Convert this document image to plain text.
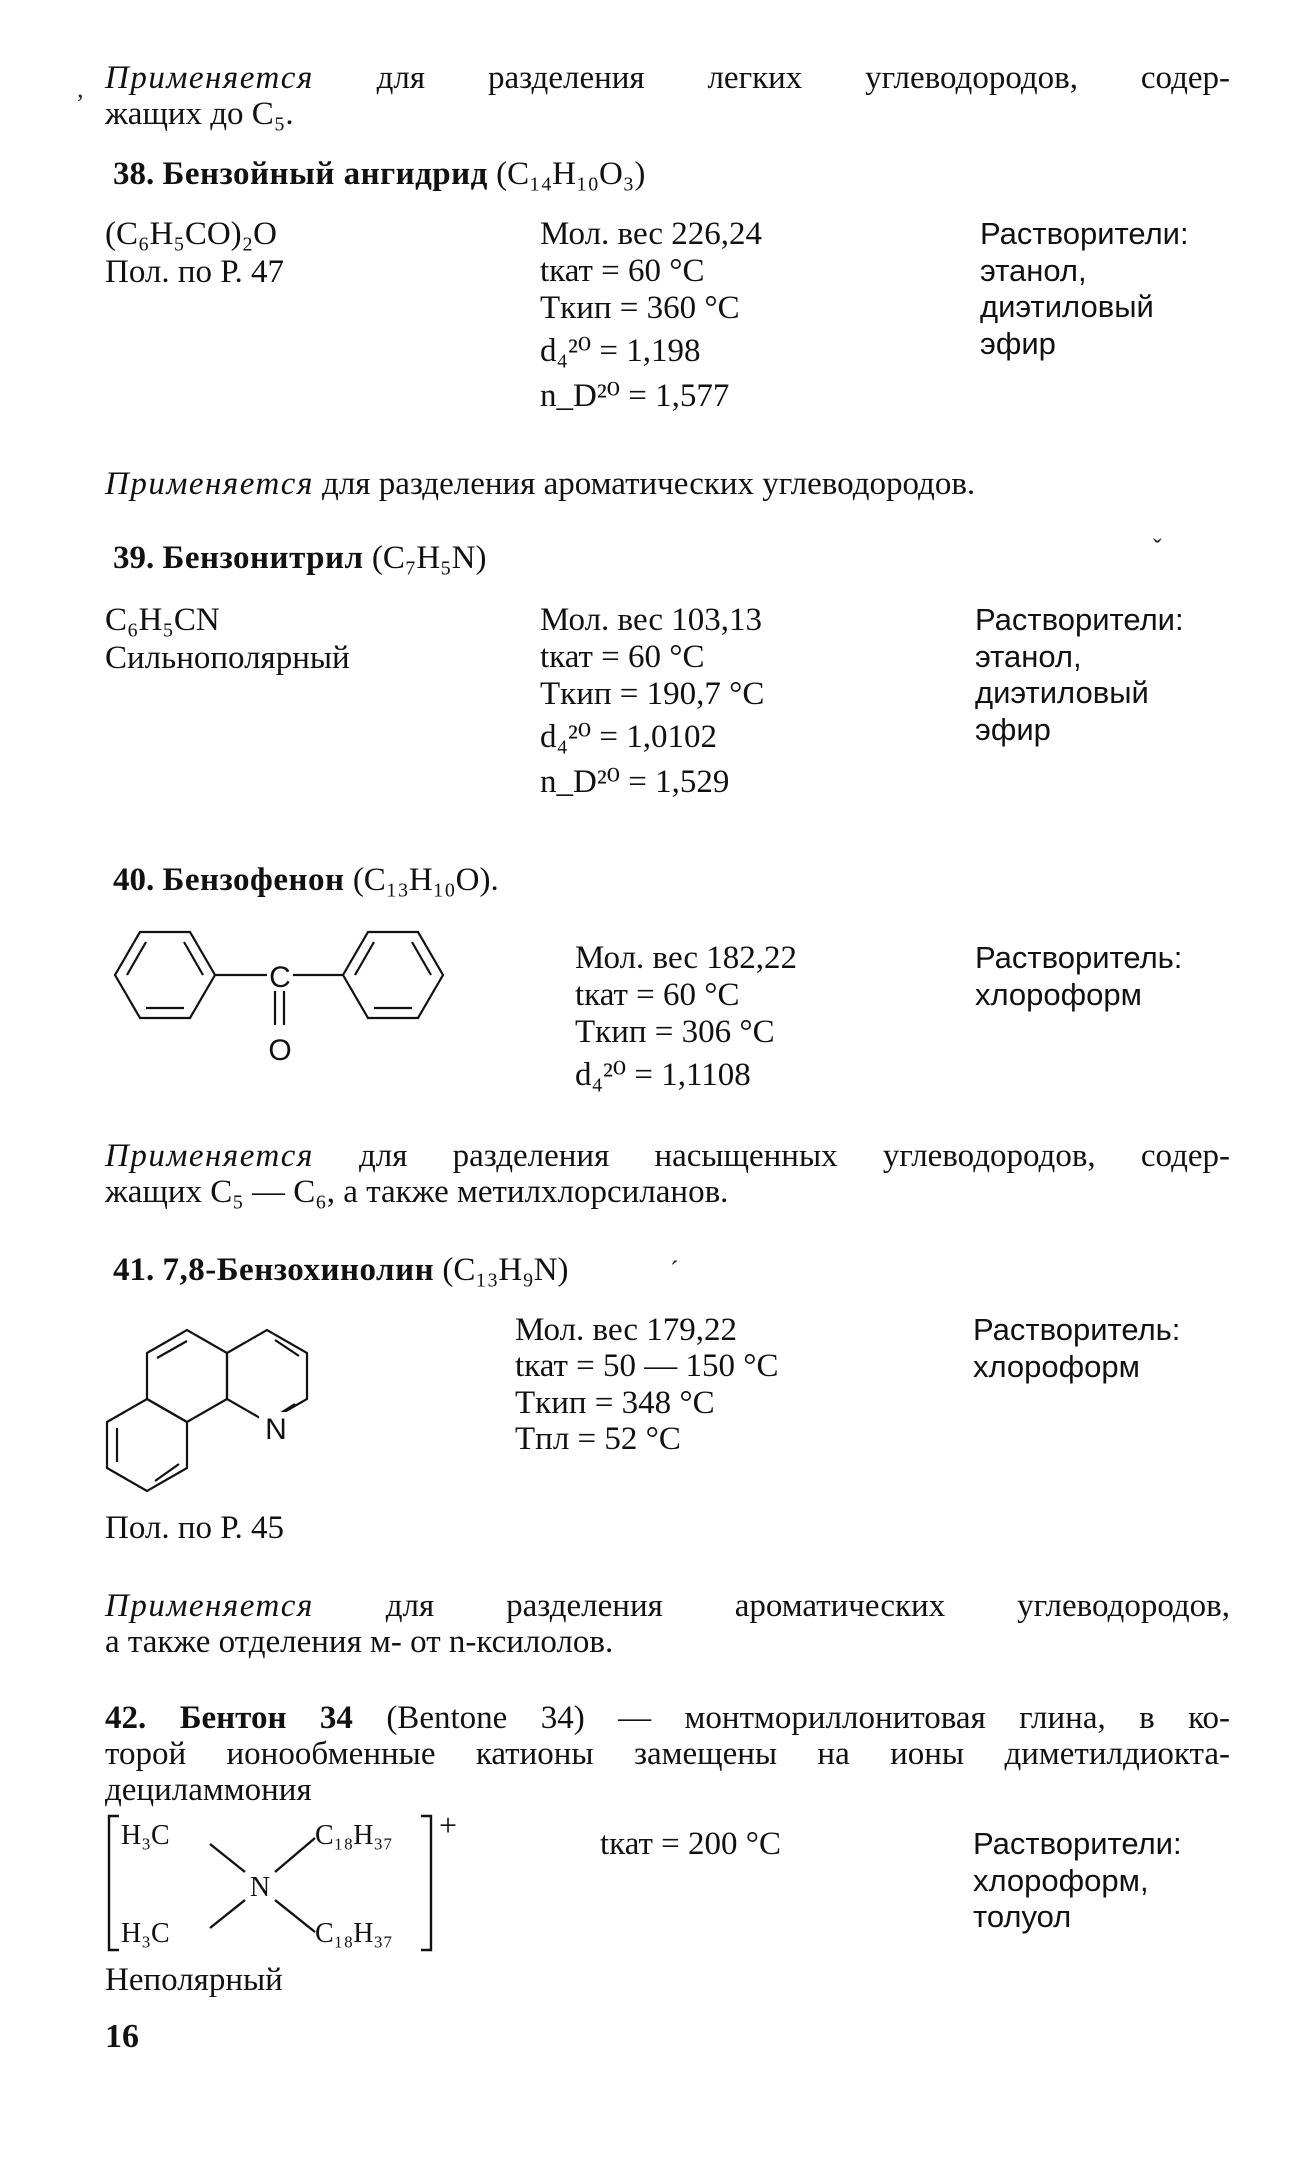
, Применяется для разделения легких углеводородов, содер-
жащих до C₅.
38. Бензойный ангидрид (C₁₄H₁₀O₃)
(C₆H₅CO)₂O
Пол. по Р. 47
Мол. вес 226,24
tкат = 60 °C
Tкип = 360 °C
d₄²⁰ = 1,198
n_D²⁰ = 1,577
Растворители:
этанол,
диэтиловый
эфир
Применяется для разделения ароматических углеводородов.
39. Бензонитрил (C₇H₅N)	ˇ
C₆H₅CN
Сильнополярный
Мол. вес 103,13
tкат = 60 °C
Tкип = 190,7 °C
d₄²⁰ = 1,0102
n_D²⁰ = 1,529
Растворители:
этанол,
диэтиловый
эфир
40. Бензофенон (C₁₃H₁₀O).
C
O
Мол. вес 182,22
tкат = 60 °C
Tкип = 306 °C
d₄²⁰ = 1,1108
Растворитель:
хлороформ
Применяется для разделения насыщенных углеводородов, содер-
жащих C₅ — C₆, а также метилхлорсиланов.
41. 7,8-Бензохинолин (C₁₃H₉N)
N
´
Мол. вес 179,22
tкат = 50 — 150 °C
Tкип = 348 °C
Tпл = 52 °C
Растворитель:
хлороформ
Пол. по Р. 45
Применяется для разделения ароматических углеводородов,
а также отделения м- от n-ксилолов.
42. Бентон 34 (Bentone 34) — монтмориллонитовая глина, в ко-
торой ионообменные катионы замещены на ионы диметилдиокта-
дециламмония
H₃C
H₃C
N
C₁₈H₃₇
C₁₈H₃₇
+
tкат = 200 °C	Растворители:
хлороформ,
толуол
Неполярный
16
